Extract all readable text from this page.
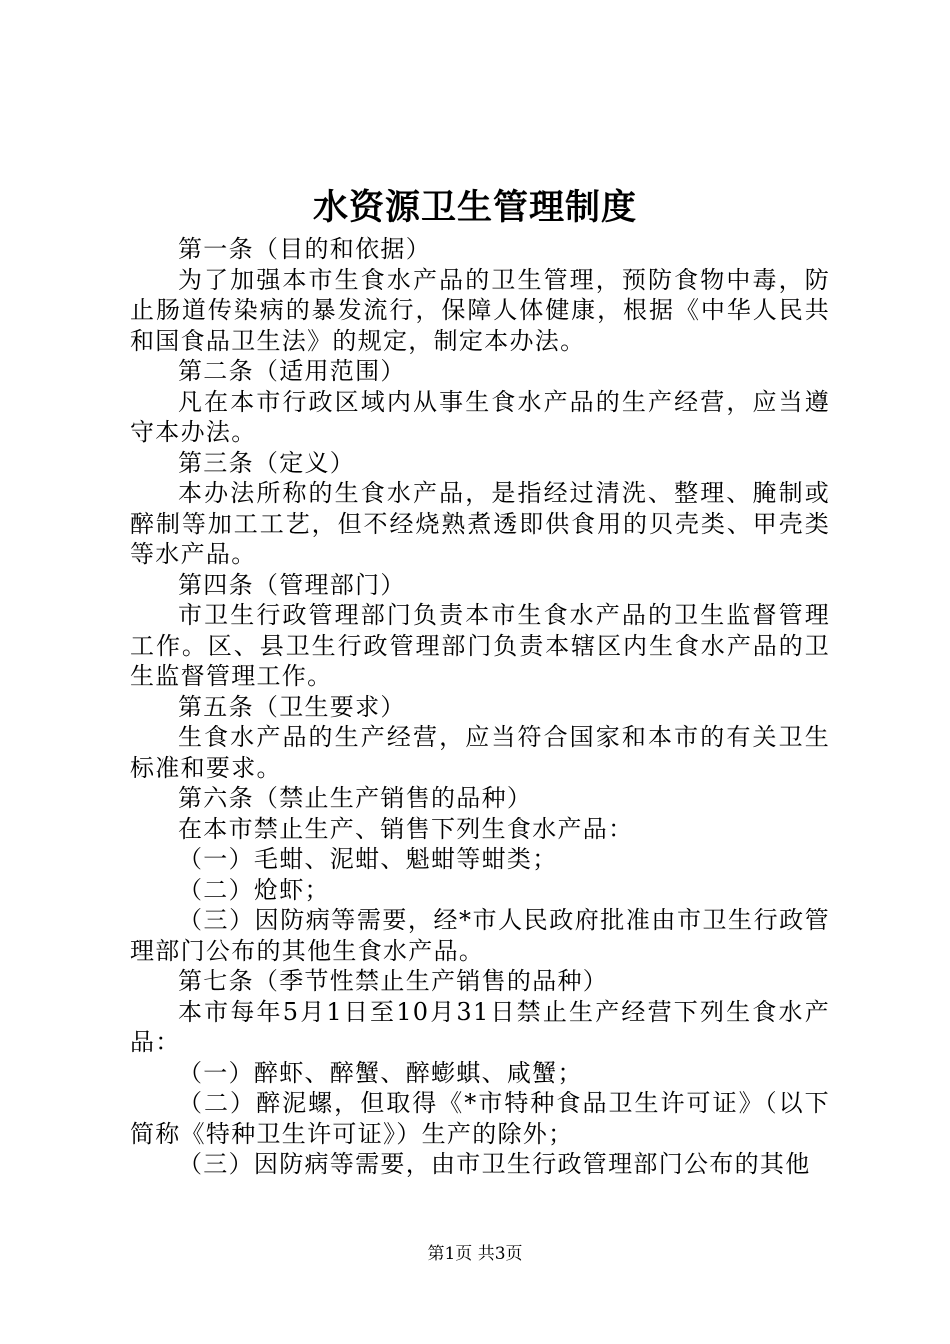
水资源卫生管理制度

第一条（目的和依据）

为了加强本市生食水产品的卫生管理，预防食物中毒，防止肠道传染病的暴发流行，保障人体健康，根据《中华人民共和国食品卫生法》的规定，制定本办法。

第二条（适用范围）

凡在本市行政区域内从事生食水产品的生产经营，应当遵守本办法。

第三条（定义）

本办法所称的生食水产品，是指经过清洗、整理、腌制或醉制等加工工艺，但不经烧熟煮透即供食用的贝壳类、甲壳类等水产品。

第四条（管理部门）

市卫生行政管理部门负责本市生食水产品的卫生监督管理工作。区、县卫生行政管理部门负责本辖区内生食水产品的卫生监督管理工作。

第五条（卫生要求）

生食水产品的生产经营，应当符合国家和本市的有关卫生标准和要求。

第六条（禁止生产销售的品种）

在本市禁止生产、销售下列生食水产品：

（一）毛蚶、泥蚶、魁蚶等蚶类；

（二）炝虾；

（三）因防病等需要，经*市人民政府批准由市卫生行政管理部门公布的其他生食水产品。

第七条（季节性禁止生产销售的品种）

本市每年5月1日至10月31日禁止生产经营下列生食水产品：

（一）醉虾、醉蟹、醉蟛蜞、咸蟹；

（二）醉泥螺，但取得《*市特种食品卫生许可证》（以下简称《特种卫生许可证》）生产的除外；

（三）因防病等需要，由市卫生行政管理部门公布的其他

第1页 共3页
